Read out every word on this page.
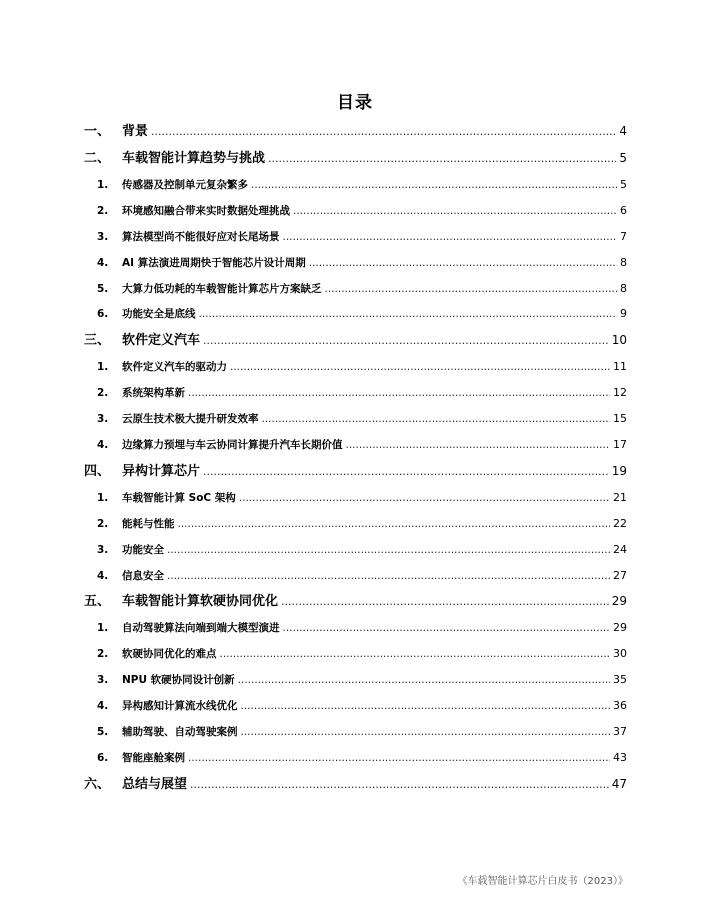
目录
一、 背景 .....	4
二、 车载智能计算趋势与挑战 .....	5
1.	传感器及控制单元复杂繁多 .....	5
2.	环境感知融合带来实时数据处理挑战 .....	6
3.	算法模型尚不能很好应对长尾场景 .....	7
4.	AI 算法演进周期快于智能芯片设计周期 .....	8
5.	大算力低功耗的车载智能计算芯片方案缺乏 .....	8
6.	功能安全是底线 .....	9
三、 软件定义汽车 .....	10
1.	软件定义汽车的驱动力 .....	11
2.	系统架构革新 .....	12
3.	云原生技术极大提升研发效率 .....	15
4.	边缘算力预埋与车云协同计算提升汽车长期价值 .....	17
四、 异构计算芯片 .....	19
1.	车载智能计算 SoC 架构 .....	21
2.	能耗与性能 .....	22
3.	功能安全 .....	24
4.	信息安全 .....	27
五、 车载智能计算软硬协同优化 .....	29
1.	自动驾驶算法向端到端大模型演进 .....	29
2.	软硬协同优化的难点 .....	30
3.	NPU 软硬协同设计创新 .....	35
4.	异构感知计算流水线优化 .....	36
5.	辅助驾驶、自动驾驶案例 .....	37
6.	智能座舱案例 .....	43
六、 总结与展望 .....	47
《车载智能计算芯片白皮书（2023）》
